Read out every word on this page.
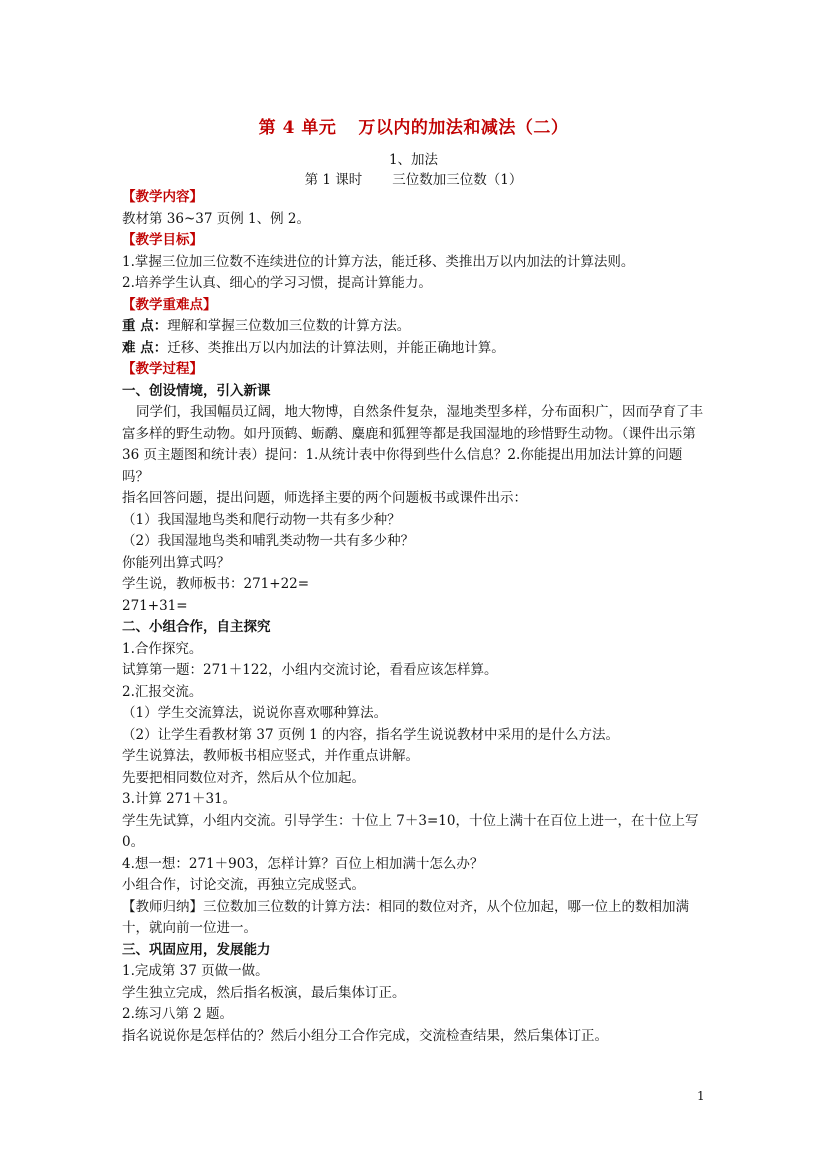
第 4 单元 万以内的加法和减法（二）
1、加法
第 1 课时 三位数加三位数（1）

【教学内容】

教材第 36~37 页例 1、例 2。

【教学目标】

1.掌握三位加三位数不连续进位的计算方法，能迁移、类推出万以内加法的计算法则。

2.培养学生认真、细心的学习习惯，提高计算能力。

【教学重难点】

重 点：理解和掌握三位数加三位数的计算方法。

难 点：迁移、类推出万以内加法的计算法则，并能正确地计算。

【教学过程】

一、创设情境，引入新课

同学们，我国幅员辽阔，地大物博，自然条件复杂，湿地类型多样，分布面积广，因而孕育了丰富多样的野生动物。如丹顶鹤、蛎鹬、麋鹿和狐狸等都是我国湿地的珍惜野生动物。（课件出示第 36 页主题图和统计表）提问：1.从统计表中你得到些什么信息？2.你能提出用加法计算的问题吗？

指名回答问题，提出问题，师选择主要的两个问题板书或课件出示：

（1）我国湿地鸟类和爬行动物一共有多少种？

（2）我国湿地鸟类和哺乳类动物一共有多少种？

你能列出算式吗？

学生说，教师板书：271+22=

271+31=

二、小组合作，自主探究

1.合作探究。

试算第一题：271＋122，小组内交流讨论，看看应该怎样算。

2.汇报交流。

（1）学生交流算法，说说你喜欢哪种算法。

（2）让学生看教材第 37 页例 1 的内容，指名学生说说教材中采用的是什么方法。

学生说算法，教师板书相应竖式，并作重点讲解。

先要把相同数位对齐，然后从个位加起。

3.计算 271＋31。

学生先试算，小组内交流。引导学生：十位上 7＋3=10，十位上满十在百位上进一，在十位上写 0。

4.想一想：271＋903，怎样计算？百位上相加满十怎么办？

小组合作，讨论交流，再独立完成竖式。

【教师归纳】三位数加三位数的计算方法：相同的数位对齐，从个位加起，哪一位上的数相加满十，就向前一位进一。

三、巩固应用，发展能力

1.完成第 37 页做一做。

学生独立完成，然后指名板演，最后集体订正。

2.练习八第 2 题。

指名说说你是怎样估的？然后小组分工合作完成，交流检查结果，然后集体订正。

1
